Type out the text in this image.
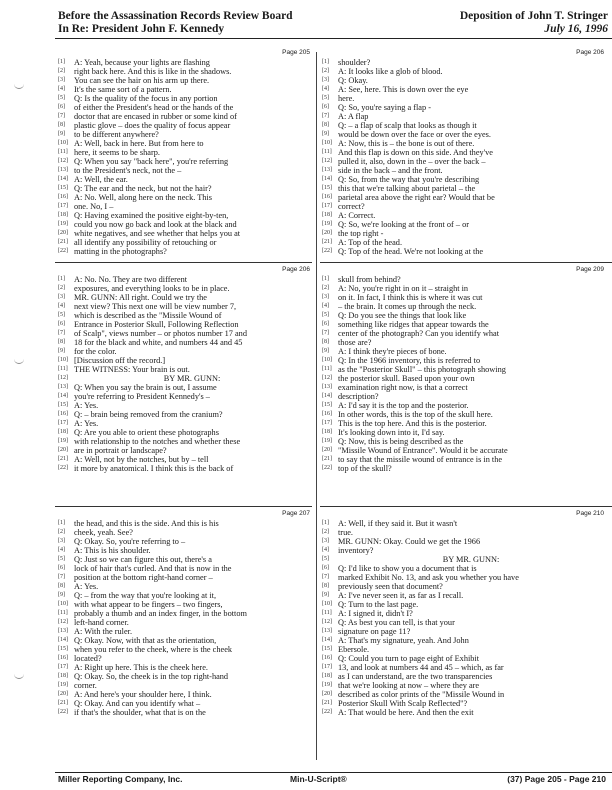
Before the Assassination Records Review Board
In Re: President John F. Kennedy
Deposition of John T. Stringer
July 16, 1996
Page 205
[1]	A: Yeah, because your lights are flashing
[2]	right back here. And this is like in the shadows.
[3]	You can see the hair on his arm up there.
[4]	It's the same sort of a pattern.
[5]	Q: Is the quality of the focus in any portion
[6]	of either the President's head or the hands of the
[7]	doctor that are encased in rubber or some kind of
[8]	plastic glove – does the quality of focus appear
[9]	to be different anywhere?
[10] A: Well, back in here. But from here to
[11] here, it seems to be sharp.
[12] Q: When you say "back here", you're referring
[13] to the President's neck, not the –
[14] A: Well, the ear.
[15] Q: The ear and the neck, but not the hair?
[16] A: No. Well, along here on the neck. This
[17] one. No, I –
[18] Q: Having examined the positive eight-by-ten,
[19] could you now go back and look at the black and
[20] white negatives, and see whether that helps you at
[21] all identify any possibility of retouching or
[22] matting in the photographs?
Page 206
[1]	shoulder?
[2]	A: It looks like a glob of blood.
[3]	Q: Okay.
[4]	A: See, here. This is down over the eye
[5]	here.
[6]	Q: So, you're saying a flap -
[7]	A: A flap
[8]	Q: – a flap of scalp that looks as though it
[9]	would be down over the face or over the eyes.
[10] A: Now, this is – the bone is out of there.
[11] And this flap is down on this side. And they've
[12] pulled it, also, down in the – over the back –
[13] side in the back – and the front.
[14] Q: So, from the way that you're describing
[15] this that we're talking about parietal – the
[16] parietal area above the right ear? Would that be
[17] correct?
[18] A: Correct.
[19] Q: So, we're looking at the front of – or
[20] the top right -
[21] A: Top of the head.
[22] Q: Top of the head. We're not looking at the
Page 206
[1]	A: No. No. They are two different
[2]	exposures, and everything looks to be in place.
[3]	MR. GUNN: All right. Could we try the
[4]	next view? This next one will be view number 7,
[5]	which is described as the "Missile Wound of
[6]	Entrance in Posterior Skull, Following Reflection
[7]	of Scalp", views number – or photos number 17 and
[8]	18 for the black and white, and numbers 44 and 45
[9]	for the color.
[10] [Discussion off the record.]
[11] THE WITNESS: Your brain is out.
[12]	BY MR. GUNN:
[13] Q: When you say the brain is out, I assume
[14] you're referring to President Kennedy's –
[15] A: Yes.
[16] Q: – brain being removed from the cranium?
[17] A: Yes.
[18] Q: Are you able to orient these photographs
[19] with relationship to the notches and whether these
[20] are in portrait or landscape?
[21] A: Well, not by the notches, but by – tell
[22] it more by anatomical. I think this is the back of
Page 209
[1]	skull from behind?
[2]	A: No, you're right in on it – straight in
[3]	on it. In fact, I think this is where it was cut
[4]	– the brain. It comes up through the neck.
[5]	Q: Do you see the things that look like
[6]	something like ridges that appear towards the
[7]	center of the photograph? Can you identify what
[8]	those are?
[9]	A: I think they're pieces of bone.
[10] Q: In the 1966 inventory, this is referred to
[11] as the "Posterior Skull" – this photograph showing
[12] the posterior skull. Based upon your own
[13] examination right now, is that a correct
[14] description?
[15] A: I'd say it is the top and the posterior.
[16] In other words, this is the top of the skull here.
[17] This is the top here. And this is the posterior.
[18] It's looking down into it, I'd say.
[19] Q: Now, this is being described as the
[20] "Missile Wound of Entrance". Would it be accurate
[21] to say that the missile wound of entrance is in the
[22] top of the skull?
Page 207
[1]	the head, and this is the side. And this is his
[2]	cheek, yeah. See?
[3]	Q: Okay. So, you're referring to –
[4]	A: This is his shoulder.
[5]	Q: Just so we can figure this out, there's a
[6]	lock of hair that's curled. And that is now in the
[7]	position at the bottom right-hand corner –
[8]	A: Yes.
[9]	Q: – from the way that you're looking at it,
[10] with what appear to be fingers – two fingers,
[11] probably a thumb and an index finger, in the bottom
[12] left-hand corner.
[13] A: With the ruler.
[14] Q: Okay. Now, with that as the orientation,
[15] when you refer to the cheek, where is the cheek
[16] located?
[17] A: Right up here. This is the cheek here.
[18] Q: Okay. So, the cheek is in the top right-hand
[19] corner.
[20] A: And here's your shoulder here, I think.
[21] Q: Okay. And can you identify what –
[22] if that's the shoulder, what that is on the
Page 210
[1]	A: Well, if they said it. But it wasn't
[2]	true.
[3]	MR. GUNN: Okay. Could we get the 1966
[4]	inventory?
[5]	BY MR. GUNN:
[6]	Q: I'd like to show you a document that is
[7]	marked Exhibit No. 13, and ask you whether you have
[8]	previously seen that document?
[9]	A: I've never seen it, as far as I recall.
[10] Q: Turn to the last page.
[11] A: I signed it, didn't I?
[12] Q: As best you can tell, is that your
[13] signature on page 11?
[14] A: That's my signature, yeah. And John
[15] Ebersole.
[16] Q: Could you turn to page eight of Exhibit
[17] 13, and look at numbers 44 and 45 – which, as far
[18] as I can understand, are the two transparencies
[19] that we're looking at now – where they are
[20] described as color prints of the "Missile Wound in
[21] Posterior Skull With Scalp Reflected"?
[22] A: That would be here. And then the exit
Miller Reporting Company, Inc.	Min-U-Script®	(37) Page 205 - Page 210
